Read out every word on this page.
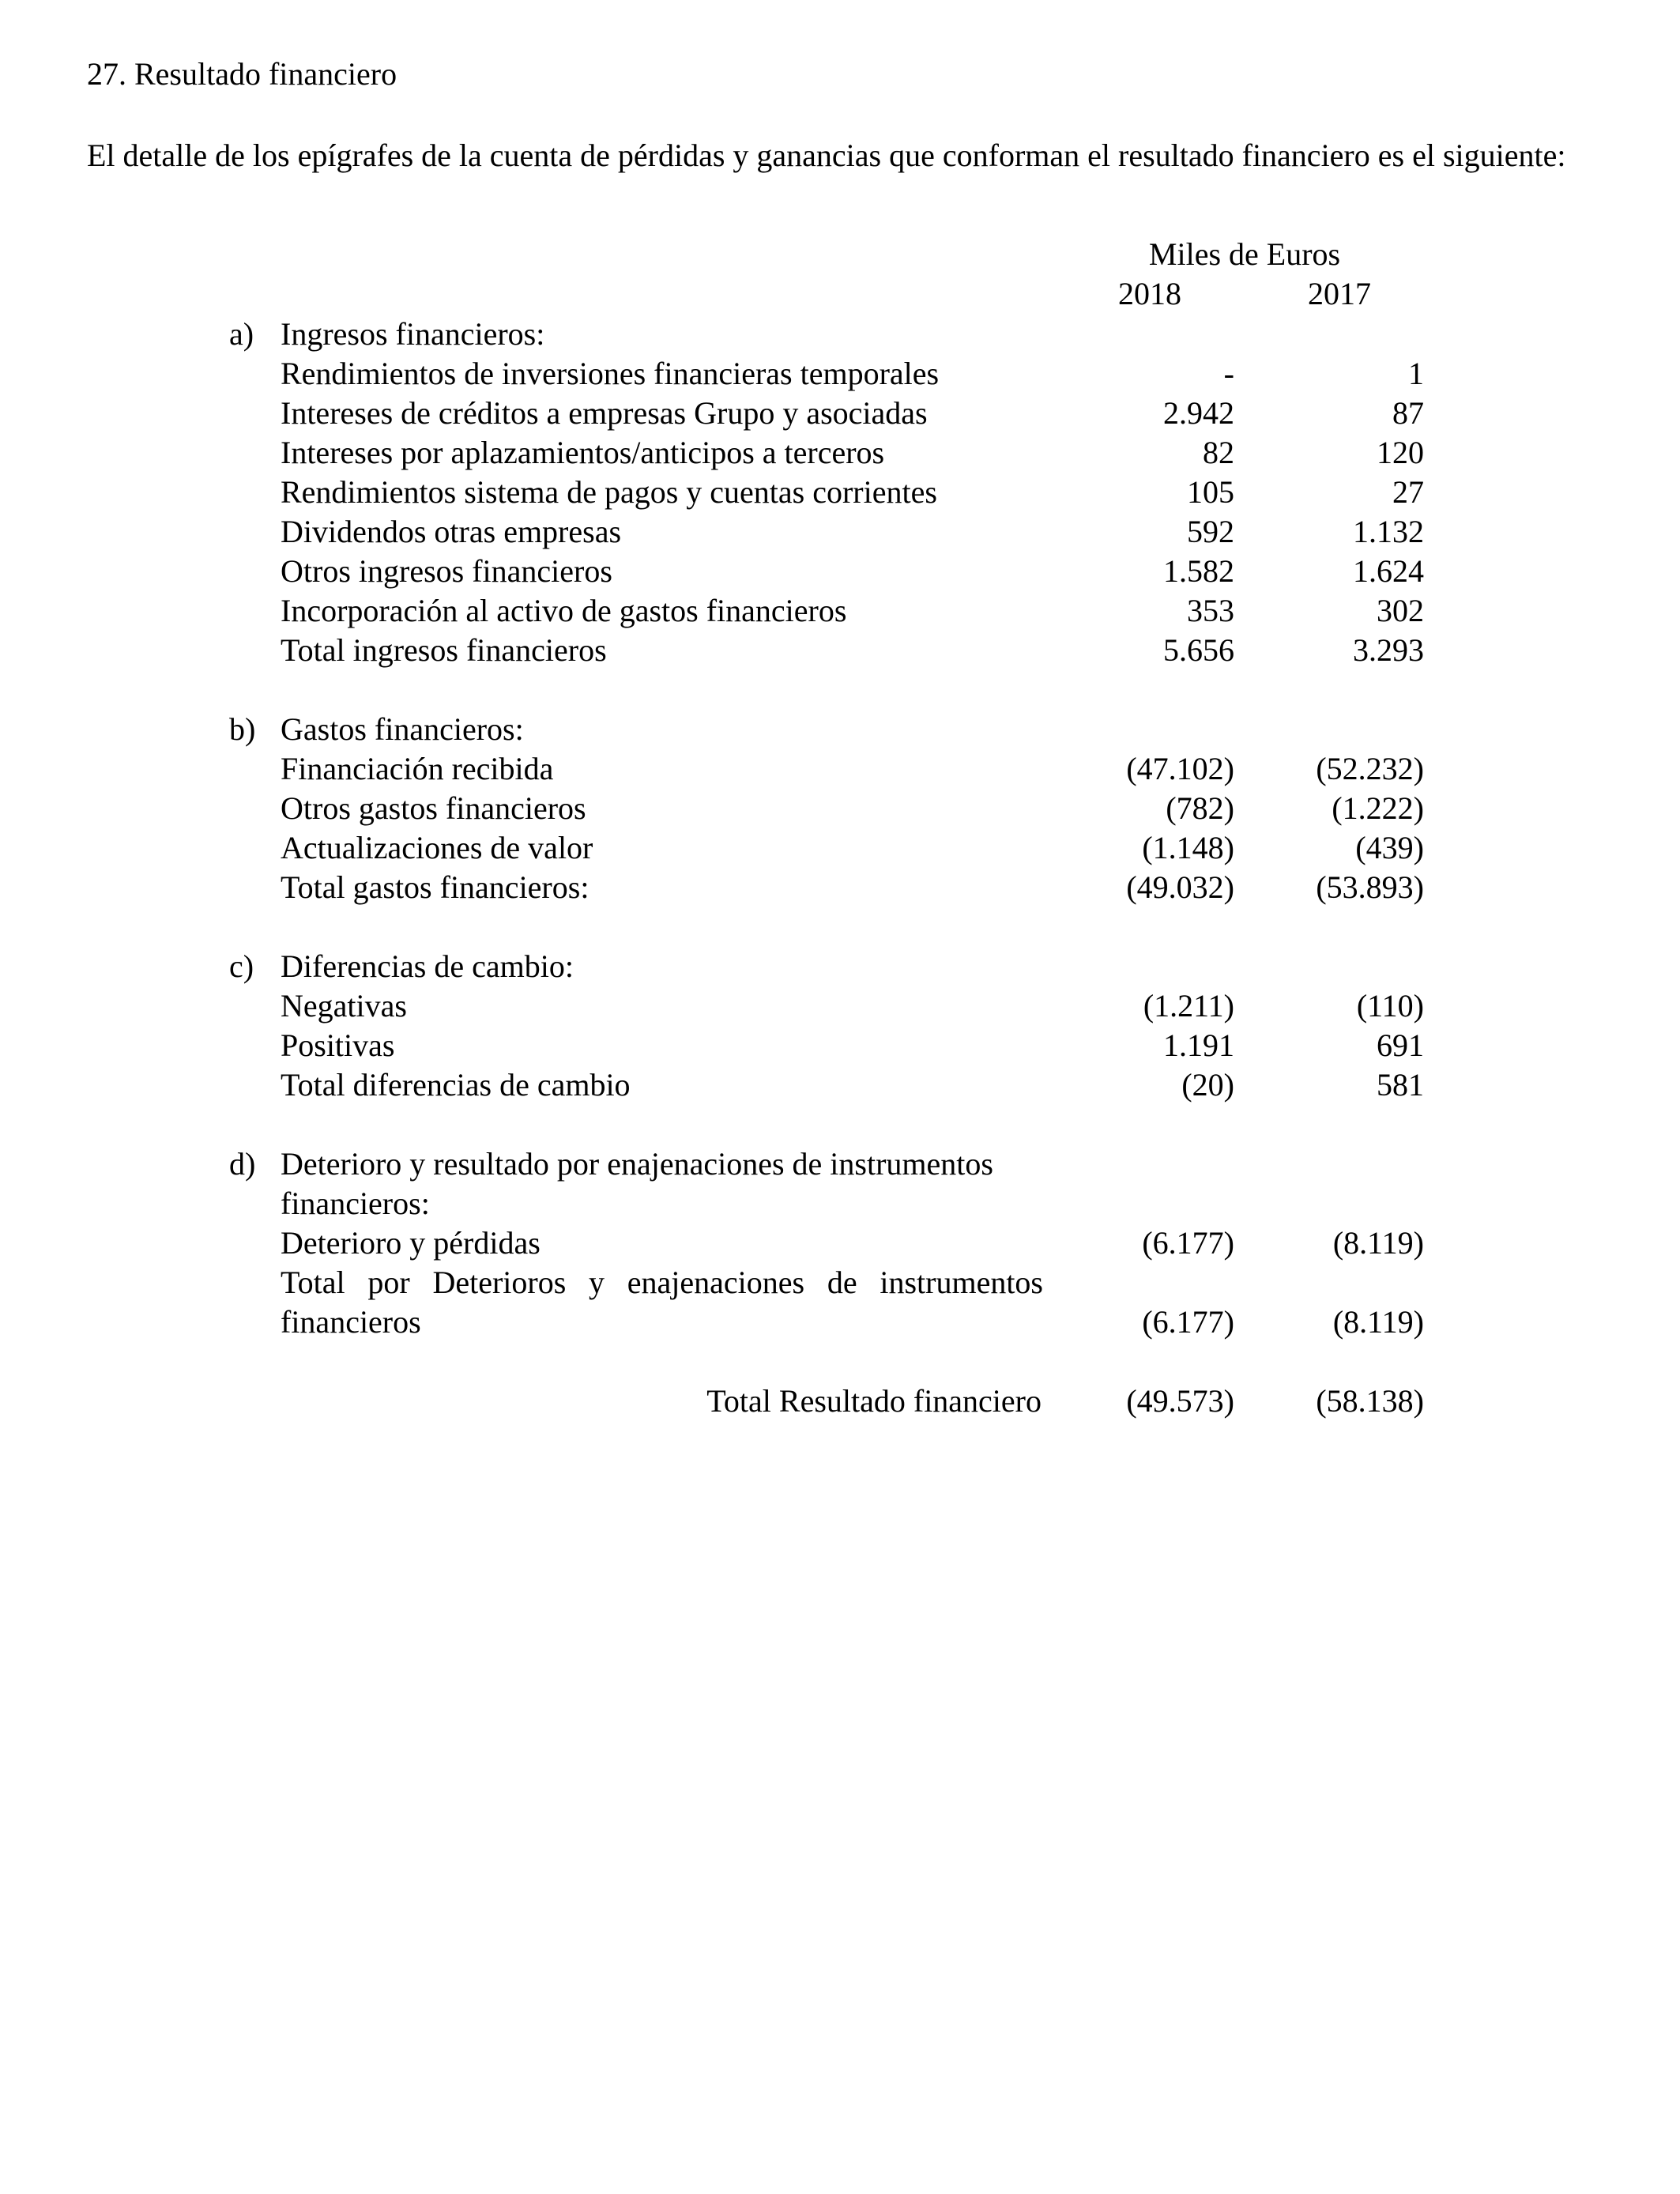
27. Resultado financiero
El detalle de los epígrafes de la cuenta de pérdidas y ganancias que conforman el resultado financiero es el siguiente:
Miles de Euros
2018	2017
a) Ingresos financieros:
Rendimientos de inversiones financieras temporales	-	1
Intereses de créditos a empresas Grupo y asociadas	2.942	87
Intereses por aplazamientos/anticipos a terceros	82	120
Rendimientos sistema de pagos y cuentas corrientes	105	27
Dividendos otras empresas	592	1.132
Otros ingresos financieros	1.582	1.624
Incorporación al activo de gastos financieros	353	302
Total ingresos financieros	5.656	3.293
b) Gastos financieros:
Financiación recibida	(47.102)	(52.232)
Otros gastos financieros	(782)	(1.222)
Actualizaciones de valor	(1.148)	(439)
Total gastos financieros:	(49.032)	(53.893)
c) Diferencias de cambio:
Negativas	(1.211)	(110)
Positivas	1.191	691
Total diferencias de cambio	(20)	581
d) Deterioro y resultado por enajenaciones de instrumentos
financieros:
Deterioro y pérdidas	(6.177)	(8.119)
Total por Deterioros y enajenaciones de instrumentos
financieros	(6.177)	(8.119)
Total Resultado financiero	(49.573)	(58.138)
